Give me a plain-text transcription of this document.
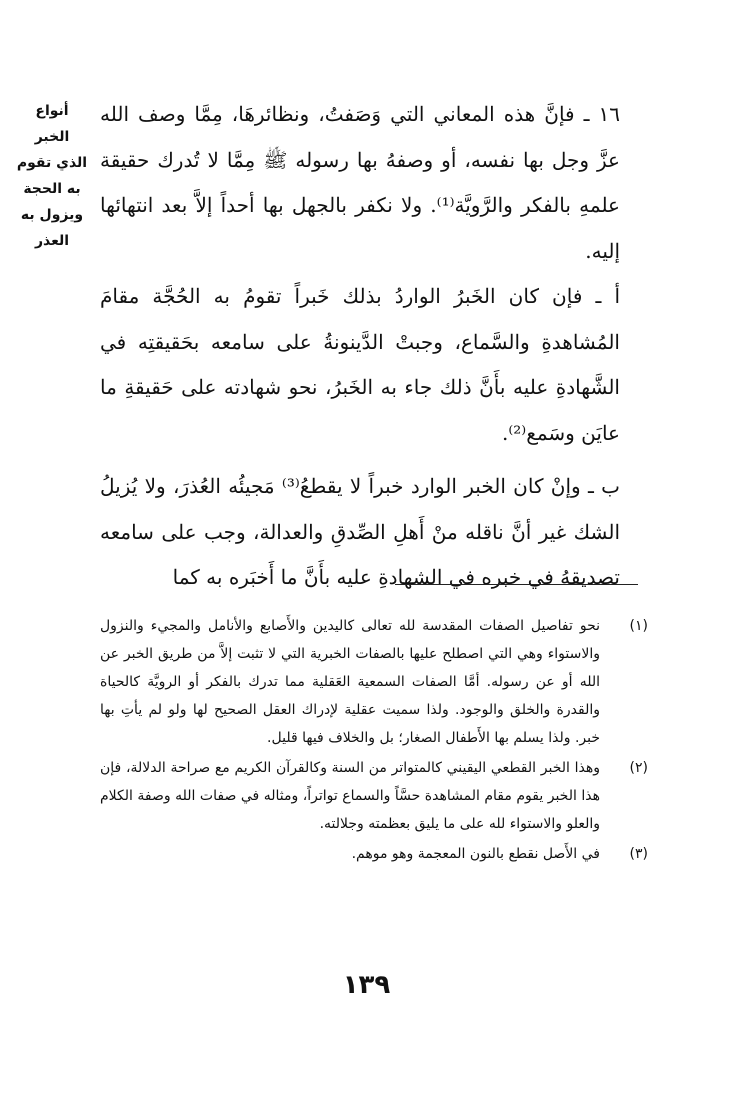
أنواع
الخبر
الذي تقوم
به الحجة
ويزول به
العذر

١٦ ـ فإنَّ هذه المعاني التي وَصَفتُ، ونظائرهَا، مِمَّا وصف الله عزَّ وجل بها نفسه، أو وصفهُ بها رسوله ﷺ مِمَّا لا تُدرك حقيقة علمهِ بالفكر والرَّويَّة⁽¹⁾. ولا نكفر بالجهل بها أحداً إلاَّ بعد انتهائها إليه.

أ ـ فإن كان الخَبرُ الواردُ بذلك خَبراً تقومُ به الحُجَّة مقامَ المُشاهدةِ والسَّماع، وجبتْ الدَّينونةُ على سامعه بحَقيقتِه في الشَّهادةِ عليه بأَنَّ ذلك جاء به الخَبرُ، نحو شهادته على حَقيقةِ ما عايَن وسَمع⁽²⁾.

ب ـ وإنْ كان الخبر الوارد خبراً لا يقطعُ⁽³⁾ مَجيئُه العُذرَ، ولا يُزيلُ الشك غير أنَّ ناقله منْ أَهلِ الصِّدقِ والعدالة، وجب على سامعه تصديقهُ في خبره في الشهادةِ عليه بأَنَّ ما أَخبَره به كما

(١)
نحو تفاصيل الصفات المقدسة لله تعالى كاليدين والأَصابع والأنامل والمجيء والنزول والاستواء وهي التي اصطلح عليها بالصفات الخبرية التي لا تثبت إلاَّ من طريق الخبر عن الله أو عن رسوله. أمَّا الصفات السمعية العَقلية مما تدرك بالفكر أو الرويَّة كالحياة والقدرة والخلق والوجود. ولذا سميت عقلية لإدراك العقل الصحيح لها ولو لم يأتِ بها خبر. ولذا يسلم بها الأَطفال الصغار؛ بل والخلاف فيها قليل.
(٢)
وهذا الخبر القطعي اليقيني كالمتواتر من السنة وكالقرآن الكريم مع صراحة الدلالة، فإن هذا الخبر يقوم مقام المشاهدة حسَّاً والسماع تواتراً، ومثاله في صفات الله وصفة الكلام والعلو والاستواء لله على ما يليق بعظمته وجلالته.
(٣)
في الأَصل نقطع بالنون المعجمة وهو موهم.
١٣٩
